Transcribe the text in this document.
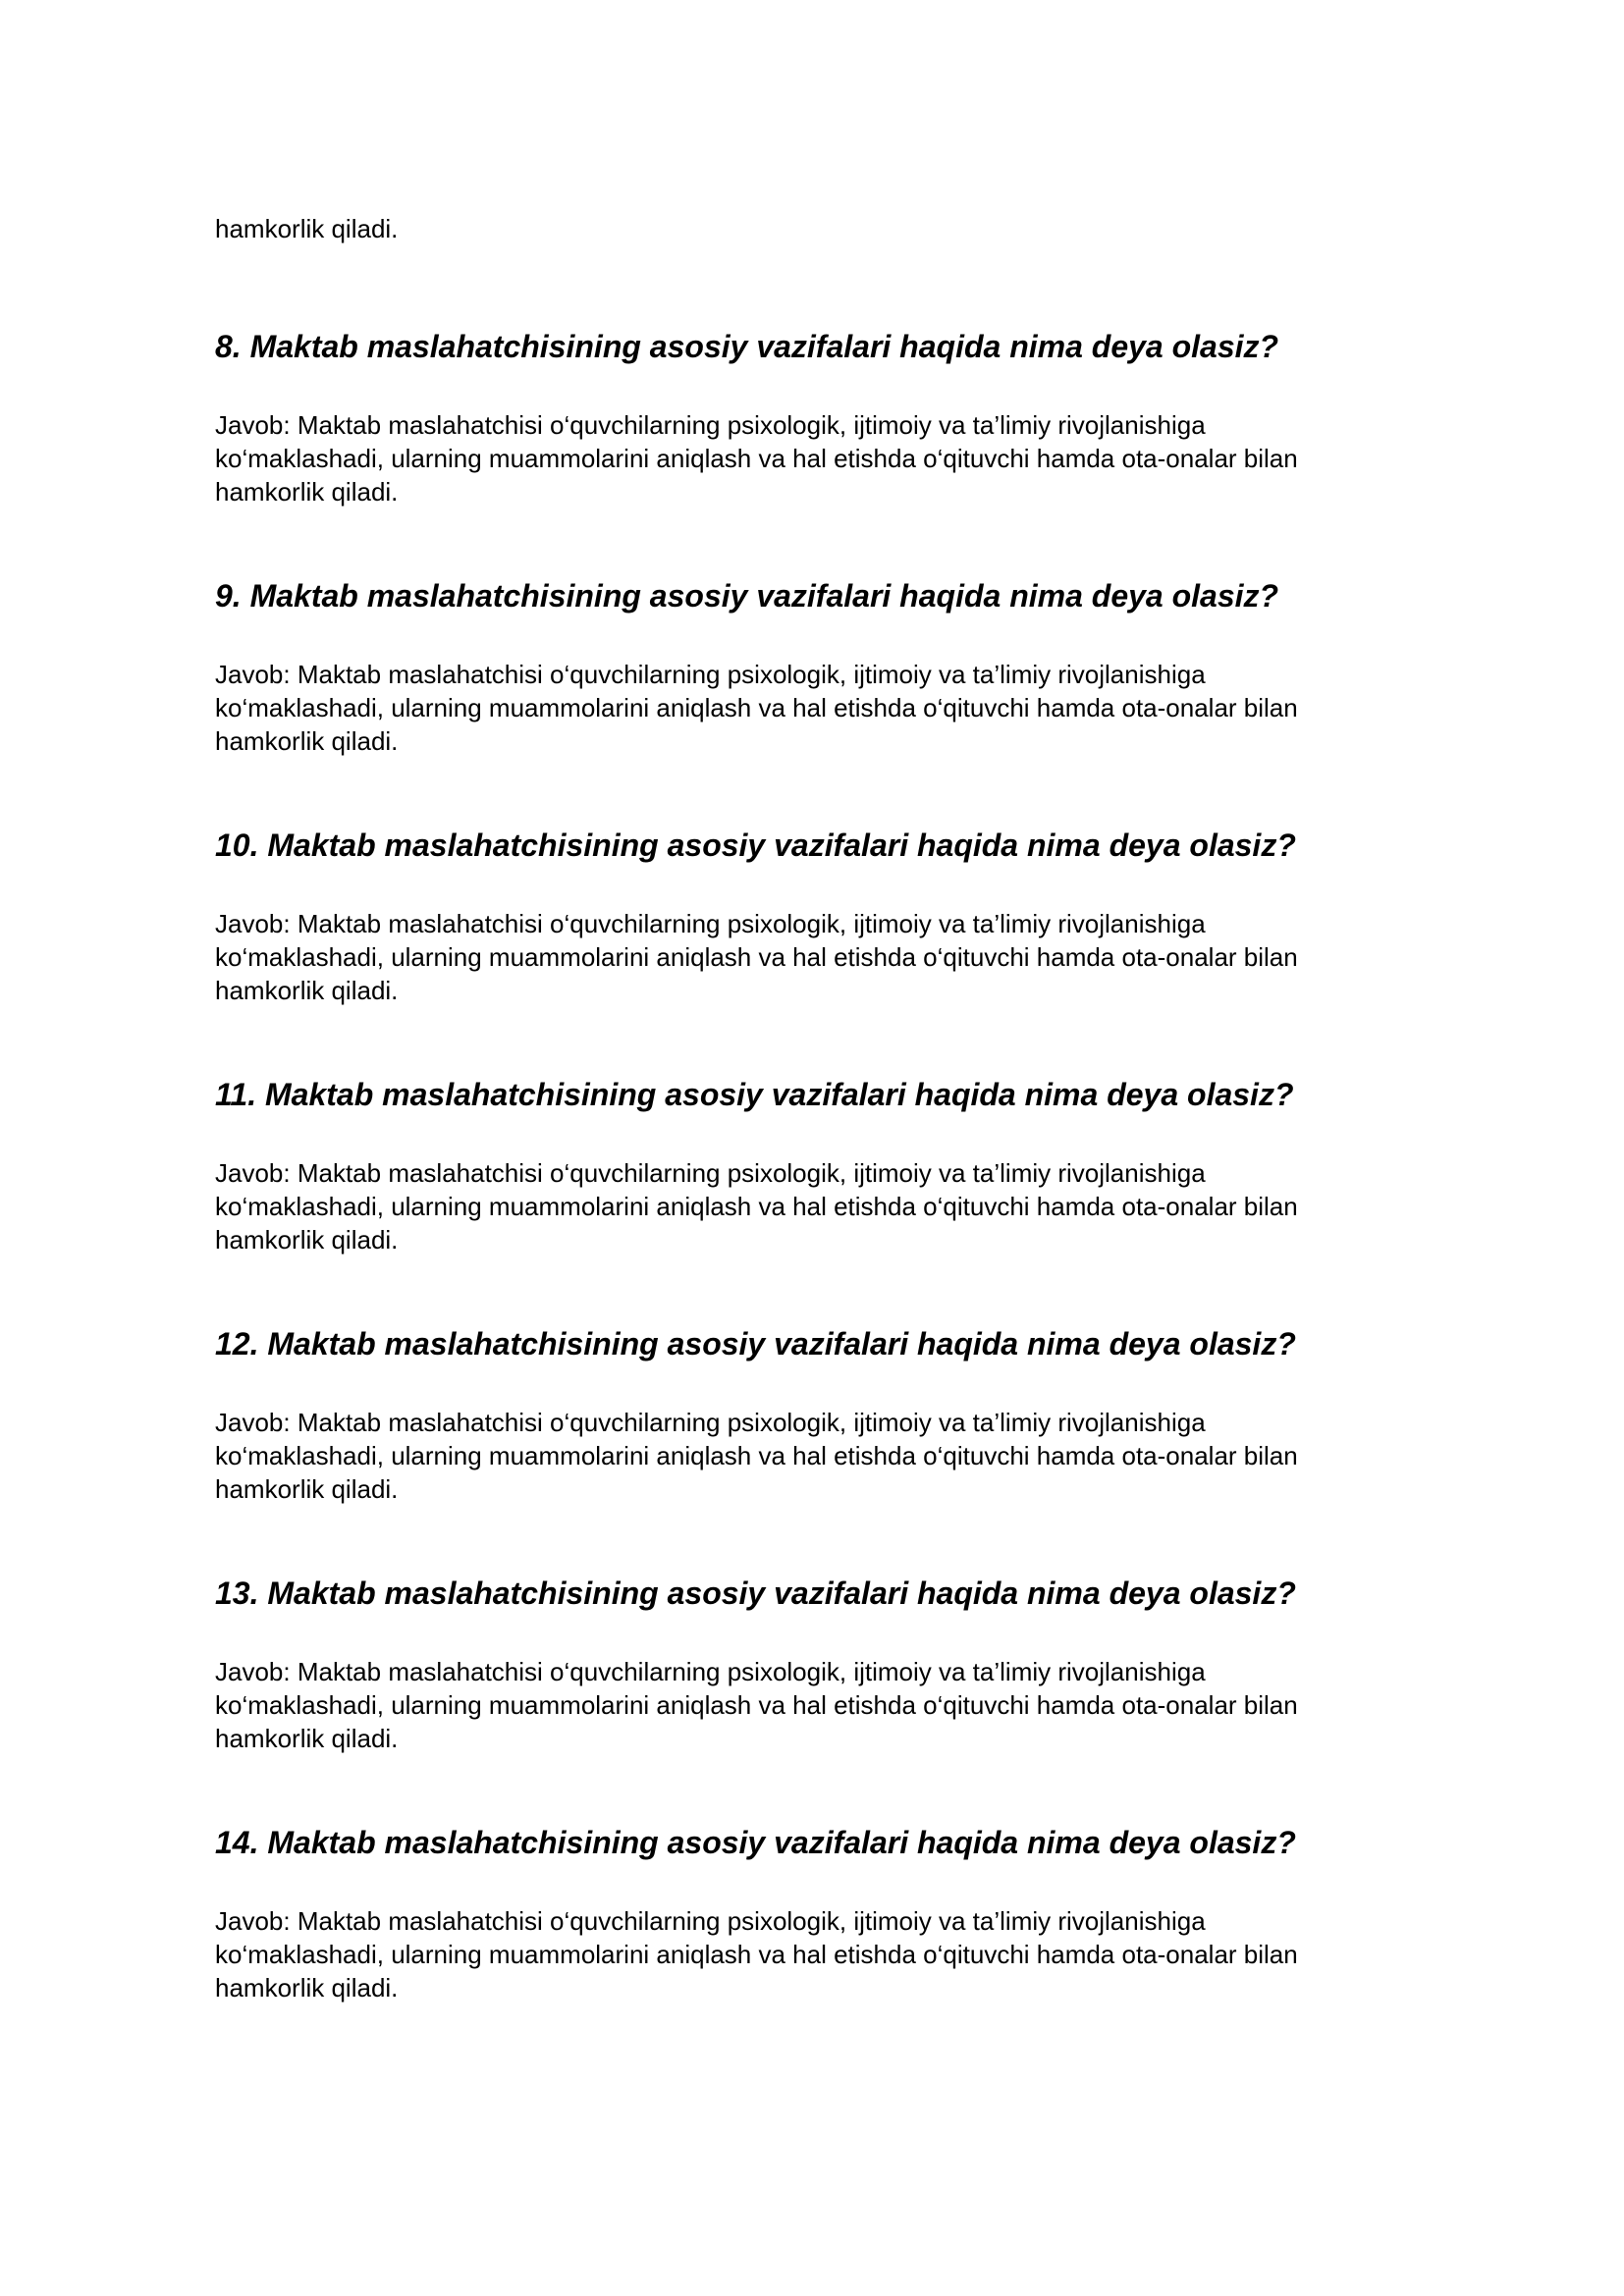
hamkorlik qiladi.

8. Maktab maslahatchisining asosiy vazifalari haqida nima deya olasiz?

Javob: Maktab maslahatchisi o‘quvchilarning psixologik, ijtimoiy va ta’limiy rivojlanishiga
ko‘maklashadi, ularning muammolarini aniqlash va hal etishda o‘qituvchi hamda ota-onalar bilan
hamkorlik qiladi.

9. Maktab maslahatchisining asosiy vazifalari haqida nima deya olasiz?

Javob: Maktab maslahatchisi o‘quvchilarning psixologik, ijtimoiy va ta’limiy rivojlanishiga
ko‘maklashadi, ularning muammolarini aniqlash va hal etishda o‘qituvchi hamda ota-onalar bilan
hamkorlik qiladi.

10. Maktab maslahatchisining asosiy vazifalari haqida nima deya olasiz?

Javob: Maktab maslahatchisi o‘quvchilarning psixologik, ijtimoiy va ta’limiy rivojlanishiga
ko‘maklashadi, ularning muammolarini aniqlash va hal etishda o‘qituvchi hamda ota-onalar bilan
hamkorlik qiladi.

11. Maktab maslahatchisining asosiy vazifalari haqida nima deya olasiz?

Javob: Maktab maslahatchisi o‘quvchilarning psixologik, ijtimoiy va ta’limiy rivojlanishiga
ko‘maklashadi, ularning muammolarini aniqlash va hal etishda o‘qituvchi hamda ota-onalar bilan
hamkorlik qiladi.

12. Maktab maslahatchisining asosiy vazifalari haqida nima deya olasiz?

Javob: Maktab maslahatchisi o‘quvchilarning psixologik, ijtimoiy va ta’limiy rivojlanishiga
ko‘maklashadi, ularning muammolarini aniqlash va hal etishda o‘qituvchi hamda ota-onalar bilan
hamkorlik qiladi.

13. Maktab maslahatchisining asosiy vazifalari haqida nima deya olasiz?

Javob: Maktab maslahatchisi o‘quvchilarning psixologik, ijtimoiy va ta’limiy rivojlanishiga
ko‘maklashadi, ularning muammolarini aniqlash va hal etishda o‘qituvchi hamda ota-onalar bilan
hamkorlik qiladi.

14. Maktab maslahatchisining asosiy vazifalari haqida nima deya olasiz?

Javob: Maktab maslahatchisi o‘quvchilarning psixologik, ijtimoiy va ta’limiy rivojlanishiga
ko‘maklashadi, ularning muammolarini aniqlash va hal etishda o‘qituvchi hamda ota-onalar bilan
hamkorlik qiladi.
